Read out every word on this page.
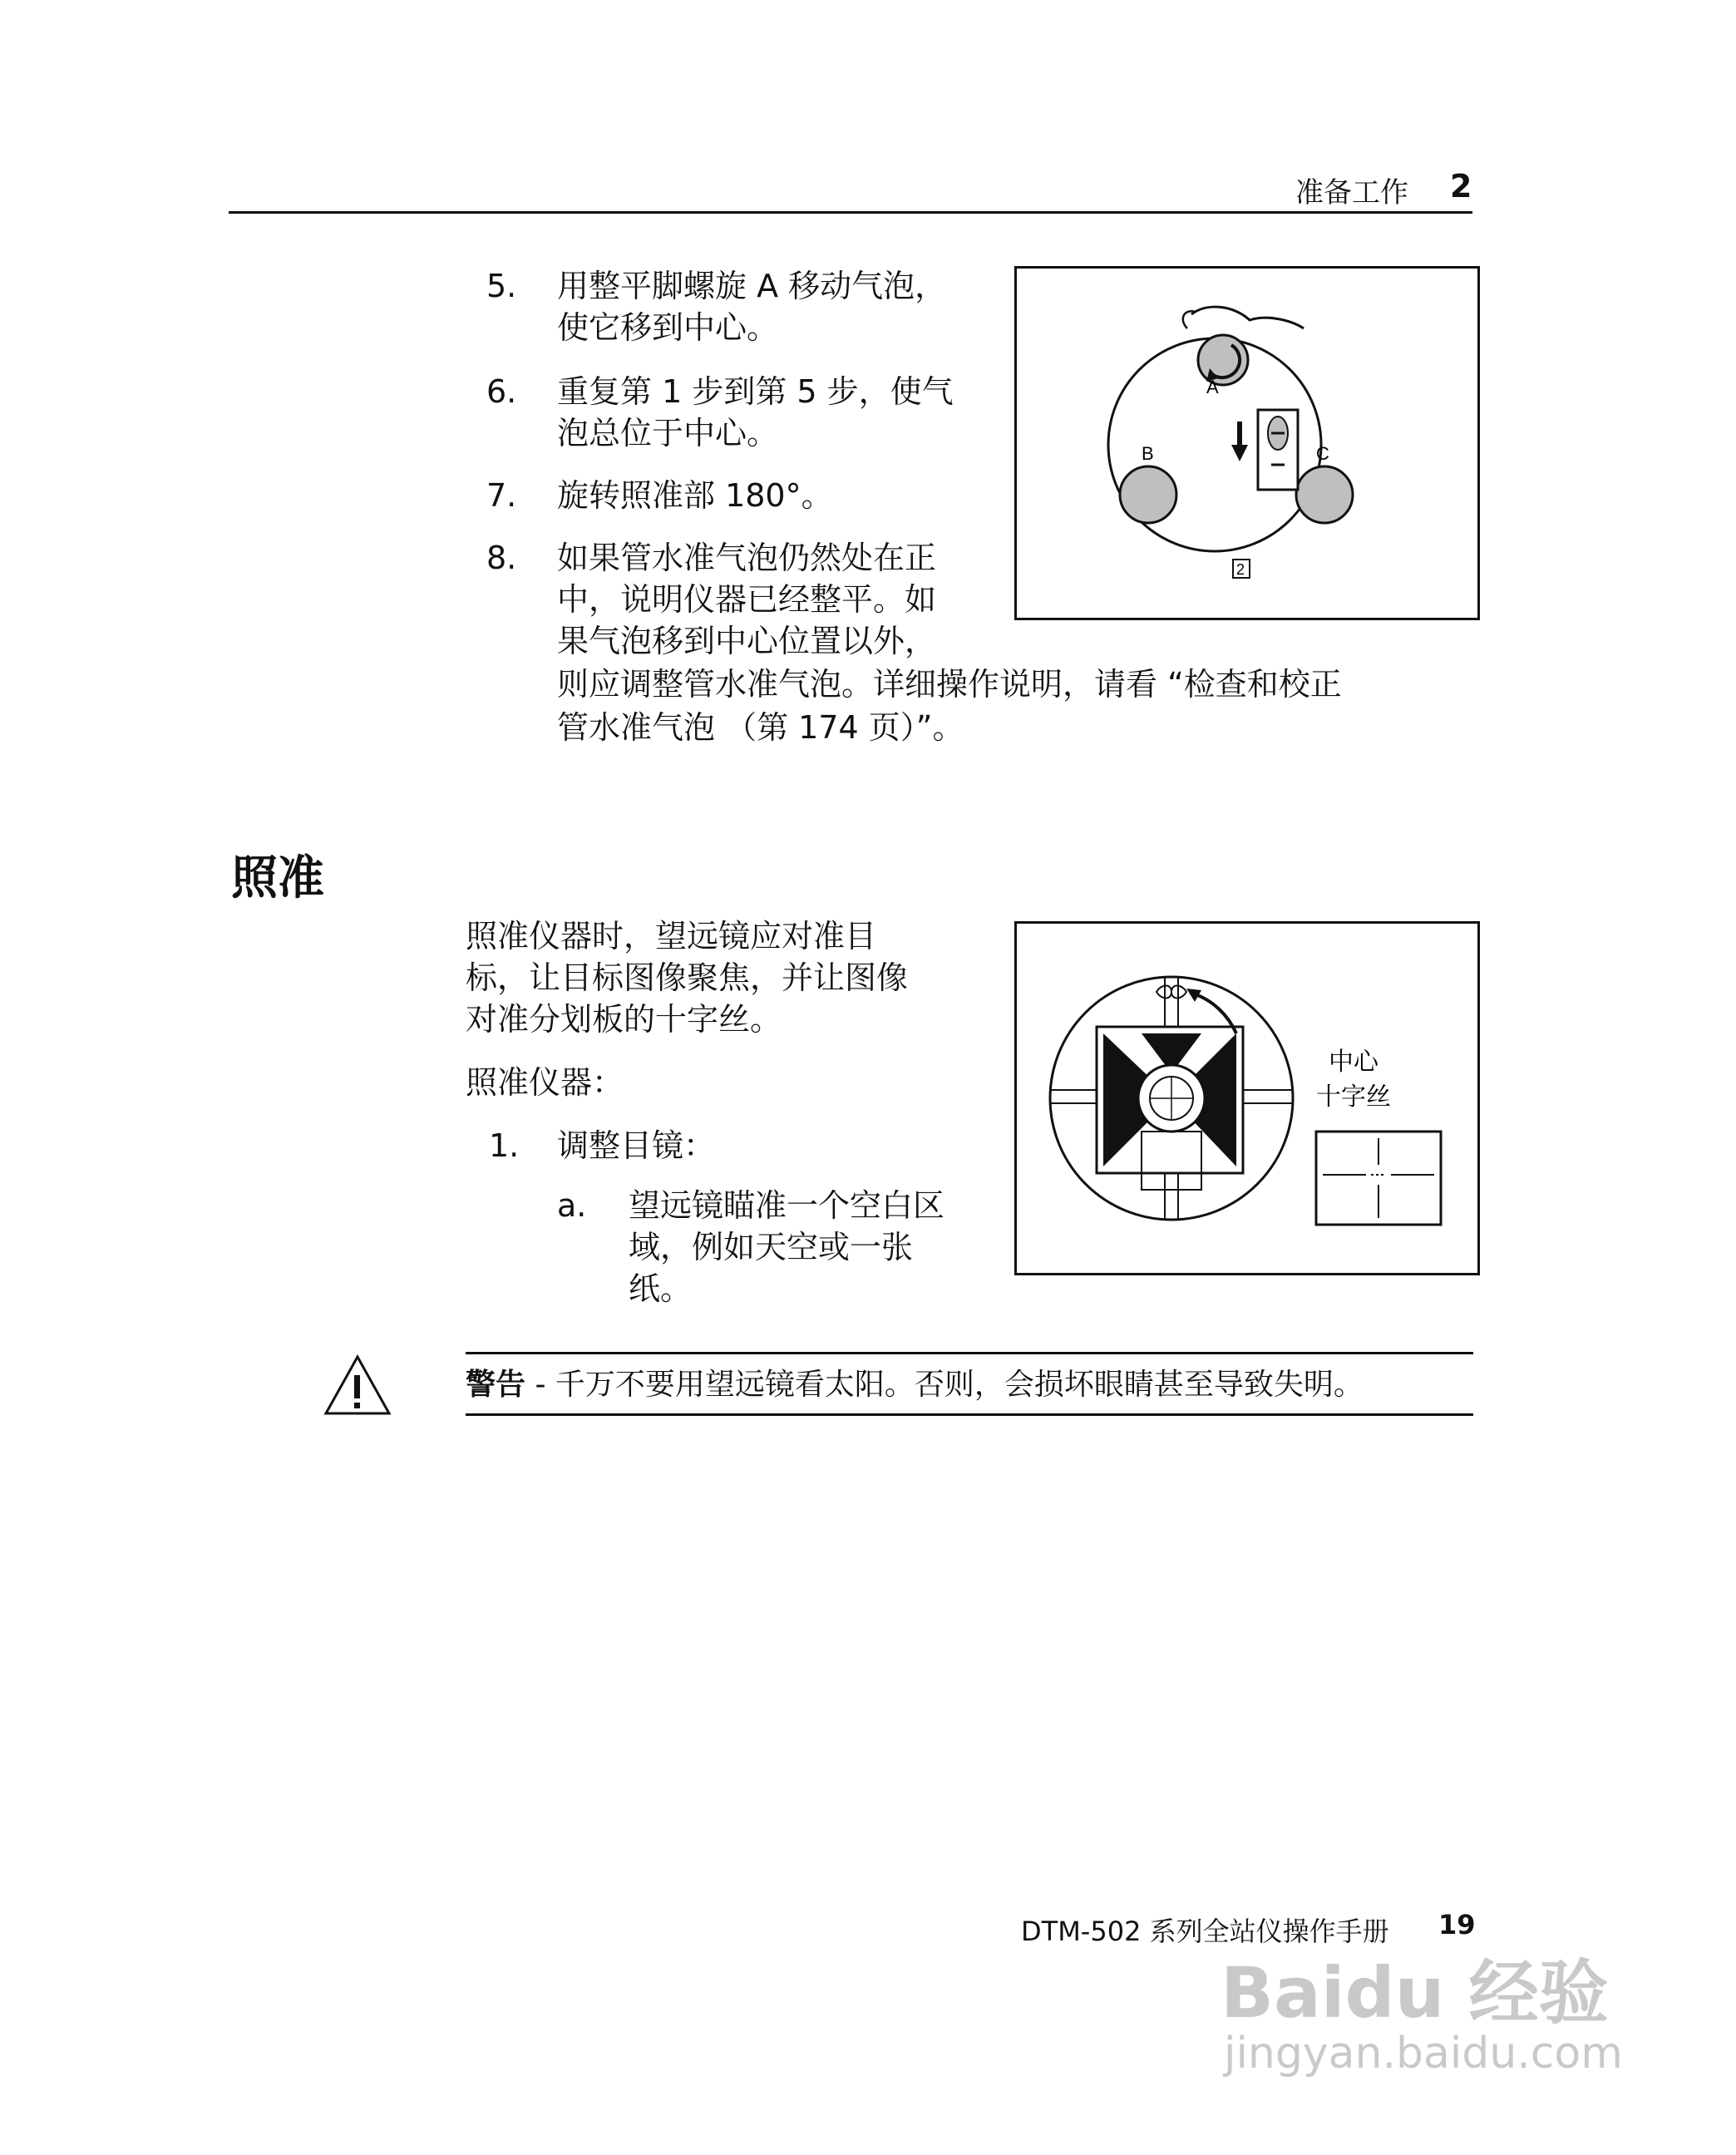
准备工作 2
5.	用整平脚螺旋 A 移动气泡，
使它移到中心。
6.	重复第 1 步到第 5 步，使气
泡总位于中心。
7.	旋转照准部 180°。
8.	如果管水准气泡仍然处在正
中，说明仪器已经整平。如
果气泡移到中心位置以外，
则应调整管水准气泡。详细操作说明，请看 “检查和校正
管水准气泡 （第 174 页）”。
A
B	C
2
照准
照准仪器时，望远镜应对准目
标，让目标图像聚焦，并让图像
对准分划板的十字丝。
照准仪器：
1.	调整目镜：
a.	望远镜瞄准一个空白区
域，例如天空或一张
纸。
中心
十字丝
警告 - 千万不要用望远镜看太阳。否则，会损坏眼睛甚至导致失明。
DTM-502 系列全站仪操作手册 19
Baidu 经验
jingyan.baidu.com
